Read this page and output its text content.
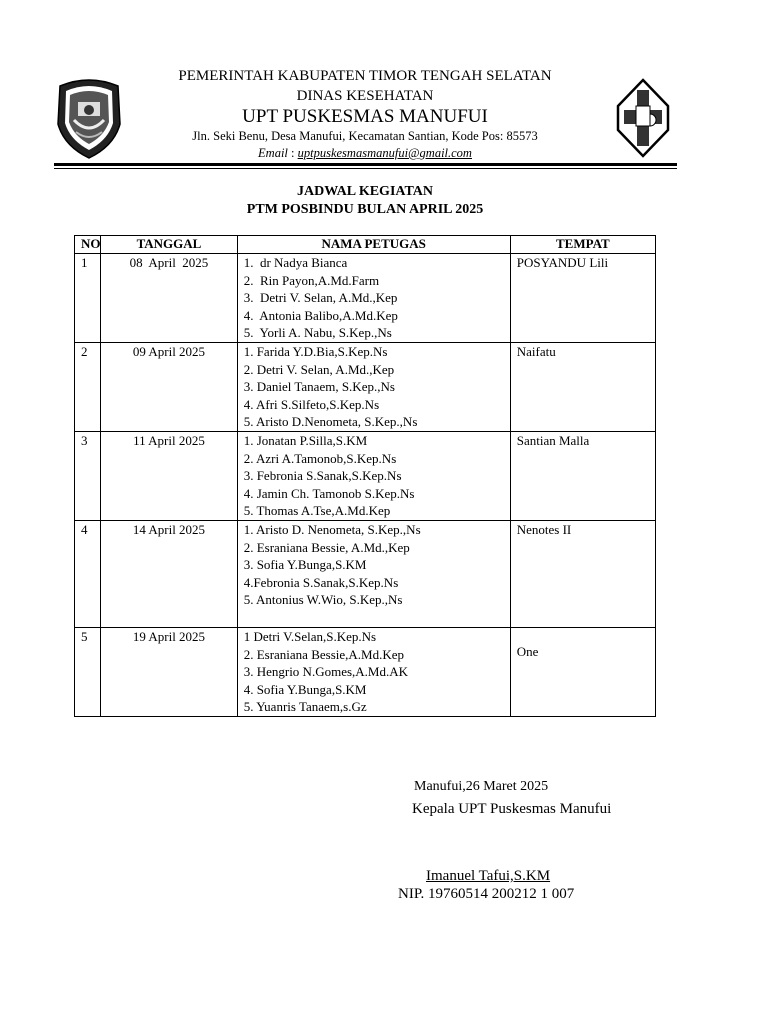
PEMERINTAH KABUPATEN TIMOR TENGAH SELATAN
DINAS KESEHATAN
UPT PUSKESMAS MANUFUI
Jln. Seki Benu, Desa Manufui, Kecamatan Santian, Kode Pos: 85573
Email : uptpuskesmasmanufui@gmail.com
JADWAL KEGIATAN
PTM POSBINDU BULAN APRIL 2025
NO	TANGGAL	NAMA PETUGAS	TEMPAT
1	08  April  2025	1.  dr Nadya Bianca
2.  Rin Payon,A.Md.Farm
3.  Detri V. Selan, A.Md.,Kep
4.  Antonia Balibo,A.Md.Kep
5.  Yorli A. Nabu, S.Kep.,Ns	POSYANDU Lili
2	09 April 2025	1. Farida Y.D.Bia,S.Kep.Ns
2. Detri V. Selan, A.Md.,Kep
3. Daniel Tanaem, S.Kep.,Ns
4. Afri S.Silfeto,S.Kep.Ns
5. Aristo D.Nenometa, S.Kep.,Ns	Naifatu
3	11 April 2025	1. Jonatan P.Silla,S.KM
2. Azri A.Tamonob,S.Kep.Ns
3. Febronia S.Sanak,S.Kep.Ns
4. Jamin Ch. Tamonob S.Kep.Ns
5. Thomas A.Tse,A.Md.Kep	Santian Malla
4	14 April 2025	1. Aristo D. Nenometa, S.Kep.,Ns
2. Esraniana Bessie, A.Md.,Kep
3. Sofia Y.Bunga,S.KM
4.Febronia S.Sanak,S.Kep.Ns
5. Antonius W.Wio, S.Kep.,Ns	Nenotes II
5	19 April 2025	1 Detri V.Selan,S.Kep.Ns
2. Esraniana Bessie,A.Md.Kep
3. Hengrio N.Gomes,A.Md.AK
4. Sofia Y.Bunga,S.KM
5. Yuanris Tanaem,s.Gz	One
Manufui,26 Maret 2025
Kepala UPT Puskesmas Manufui
Imanuel Tafui,S.KM
NIP. 19760514 200212 1 007
